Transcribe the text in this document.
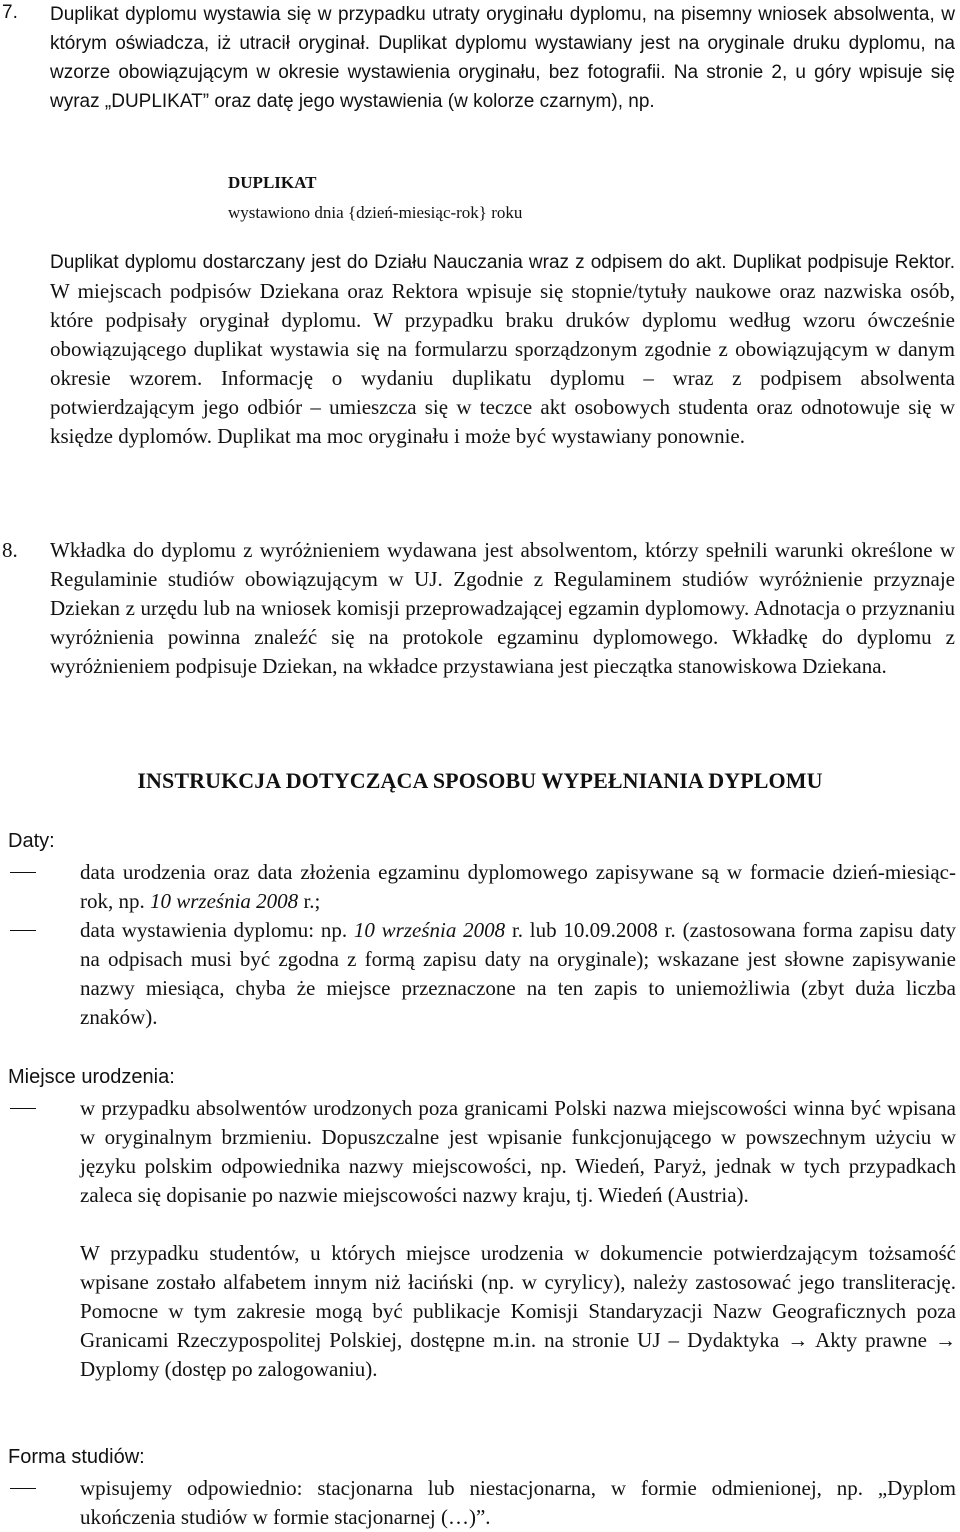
7. Duplikat dyplomu wystawia się w przypadku utraty oryginału dyplomu, na pisemny wniosek absolwenta, w którym oświadcza, iż utracił oryginał. Duplikat dyplomu wystawiany jest na oryginale druku dyplomu, na wzorze obowiązującym w okresie wystawienia oryginału, bez fotografii. Na stronie 2, u góry wpisuje się wyraz „DUPLIKAT” oraz datę jego wystawienia (w kolorze czarnym), np.

DUPLIKAT
wystawiono dnia {dzień-miesiąc-rok} roku

Duplikat dyplomu dostarczany jest do Działu Nauczania wraz z odpisem do akt. Duplikat podpisuje Rektor. W miejscach podpisów Dziekana oraz Rektora wpisuje się stopnie/tytuły naukowe oraz nazwiska osób, które podpisały oryginał dyplomu. W przypadku braku druków dyplomu według wzoru ówcześnie obowiązującego duplikat wystawia się na formularzu sporządzonym zgodnie z obowiązującym w danym okresie wzorem. Informację o wydaniu duplikatu dyplomu – wraz z podpisem absolwenta potwierdzającym jego odbiór – umieszcza się w teczce akt osobowych studenta oraz odnotowuje się w księdze dyplomów. Duplikat ma moc oryginału i może być wystawiany ponownie.

8. Wkładka do dyplomu z wyróżnieniem wydawana jest absolwentom, którzy spełnili warunki określone w Regulaminie studiów obowiązującym w UJ. Zgodnie z Regulaminem studiów wyróżnienie przyznaje Dziekan z urzędu lub na wniosek komisji przeprowadzającej egzamin dyplomowy. Adnotacja o przyznaniu wyróżnienia powinna znaleźć się na protokole egzaminu dyplomowego. Wkładkę do dyplomu z wyróżnieniem podpisuje Dziekan, na wkładce przystawiana jest pieczątka stanowiskowa Dziekana.

INSTRUKCJA DOTYCZĄCA SPOSOBU WYPEŁNIANIA DYPLOMU
Daty:

data urodzenia oraz data złożenia egzaminu dyplomowego zapisywane są w formacie dzień-miesiąc-rok, np. 10 września 2008 r.;

data wystawienia dyplomu: np. 10 września 2008 r. lub 10.09.2008 r. (zastosowana forma zapisu daty na odpisach musi być zgodna z formą zapisu daty na oryginale); wskazane jest słowne zapisywanie nazwy miesiąca, chyba że miejsce przeznaczone na ten zapis to uniemożliwia (zbyt duża liczba znaków).

Miejsce urodzenia:

w przypadku absolwentów urodzonych poza granicami Polski nazwa miejscowości winna być wpisana w oryginalnym brzmieniu. Dopuszczalne jest wpisanie funkcjonującego w powszechnym użyciu w języku polskim odpowiednika nazwy miejscowości, np. Wiedeń, Paryż, jednak w tych przypadkach zaleca się dopisanie po nazwie miejscowości nazwy kraju, tj. Wiedeń (Austria).

W przypadku studentów, u których miejsce urodzenia w dokumencie potwierdzającym tożsamość wpisane zostało alfabetem innym niż łaciński (np. w cyrylicy), należy zastosować jego transliterację. Pomocne w tym zakresie mogą być publikacje Komisji Standaryzacji Nazw Geograficznych poza Granicami Rzeczypospolitej Polskiej, dostępne m.in. na stronie UJ – Dydaktyka → Akty prawne → Dyplomy (dostęp po zalogowaniu).

Forma studiów:

wpisujemy odpowiednio: stacjonarna lub niestacjonarna, w formie odmienionej, np. „Dyplom ukończenia studiów w formie stacjonarnej (…)”.
